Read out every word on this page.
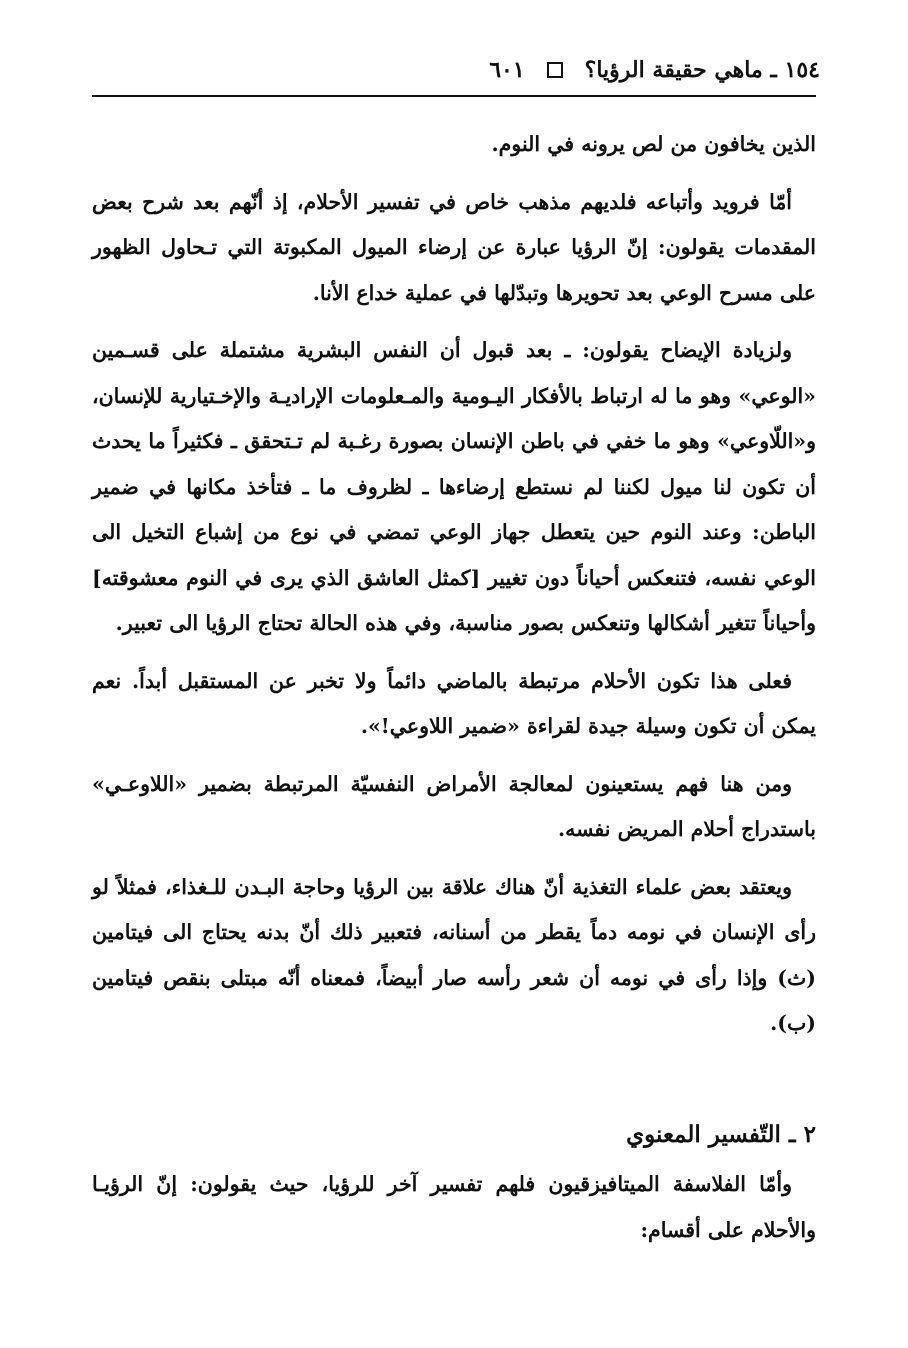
١٥٤ ـ ماهي حقيقة الرؤيا؟
٦٠١

الذين يخافون من لص يرونه في النوم.

أمّا فرويد وأتباعه فلديهم مذهب خاص في تفسير الأحلام، إذ أنّهم بعد شرح بعض المقدمات يقولون: إنّ الرؤيا عبارة عن إرضاء الميول المكبوتة التي تـحاول الظهور على مسرح الوعي بعد تحويرها وتبدّلها في عملية خداع الأنا.

ولزيادة الإيضاح يقولون: ـ بعد قبول أن النفس البشرية مشتملة على قسـمين «الوعي» وهو ما له ارتباط بالأفكار اليـومية والمـعلومات الإراديـة والإخـتيارية للإنسان، و«اللّاوعي» وهو ما خفي في باطن الإنسان بصورة رغـبة لم تـتحقق ـ فكثيراً ما يحدث أن تكون لنا ميول لكننا لم نستطع إرضاءها ـ لظروف ما ـ فتأخذ مكانها في ضمير الباطن: وعند النوم حين يتعطل جهاز الوعي تمضي في نوع من إشباع التخيل الى الوعي نفسه، فتنعكس أحياناً دون تغيير [كمثل العاشق الذي يرى في النوم معشوقته] وأحياناً تتغير أشكالها وتنعكس بصور مناسبة، وفي هذه الحالة تحتاج الرؤيا الى تعبير.

فعلى هذا تكون الأحلام مرتبطة بالماضي دائماً ولا تخبر عن المستقبل أبداً. نعم يمكن أن تكون وسيلة جيدة لقراءة «ضمير اللاوعي!».

ومن هنا فهم يستعينون لمعالجة الأمراض النفسيّة المرتبطة بضمير «اللاوعـي» باستدراج أحلام المريض نفسه.

ويعتقد بعض علماء التغذية أنّ هناك علاقة بين الرؤيا وحاجة البـدن للـغذاء، فمثلاً لو رأى الإنسان في نومه دماً يقطر من أسنانه، فتعبير ذلك أنّ بدنه يحتاج الى فيتامين (ث) وإذا رأى في نومه أن شعر رأسه صار أبيضاً، فمعناه أنّه مبتلى بنقص فيتامين (ب).

٢ ـ التّفسير المعنوي

وأمّا الفلاسفة الميتافيزقيون فلهم تفسير آخر للرؤيا، حيث يقولون: إنّ الرؤيـا والأحلام على أقسام:
